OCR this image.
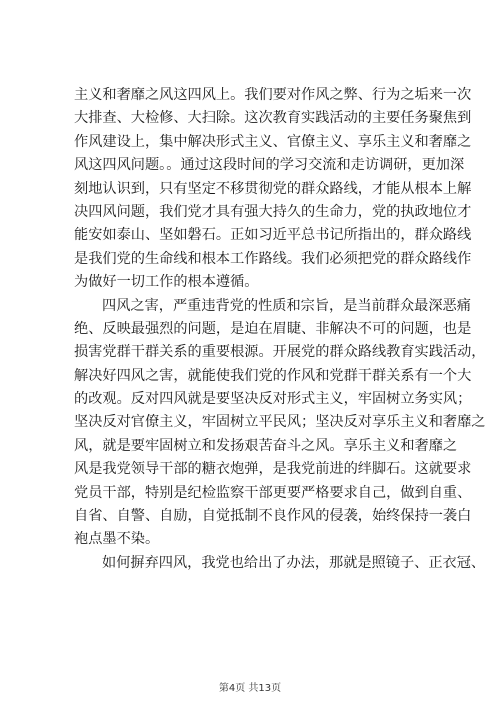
主义和奢靡之风这四风上。我们要对作风之弊、行为之垢来一次
大排查、大检修、大扫除。这次教育实践活动的主要任务聚焦到
作风建设上，集中解决形式主义、官僚主义、享乐主义和奢靡之
风这四风问题。。通过这段时间的学习交流和走访调研，更加深
刻地认识到，只有坚定不移贯彻党的群众路线，才能从根本上解
决四风问题，我们党才具有强大持久的生命力，党的执政地位才
能安如泰山、坚如磐石。正如习近平总书记所指出的，群众路线
是我们党的生命线和根本工作路线。我们必须把党的群众路线作
为做好一切工作的根本遵循。
四风之害，严重违背党的性质和宗旨，是当前群众最深恶痛
绝、反映最强烈的问题，是迫在眉睫、非解决不可的问题，也是
损害党群干群关系的重要根源。开展党的群众路线教育实践活动，
解决好四风之害，就能使我们党的作风和党群干群关系有一个大
的改观。反对四风就是要坚决反对形式主义，牢固树立务实风；
坚决反对官僚主义，牢固树立平民风；坚决反对享乐主义和奢靡之
风，就是要牢固树立和发扬艰苦奋斗之风。享乐主义和奢靡之
风是我党领导干部的糖衣炮弹，是我党前进的绊脚石。这就要求
党员干部，特别是纪检监察干部更要严格要求自己，做到自重、
自省、自警、自励，自觉抵制不良作风的侵袭，始终保持一袭白
袍点墨不染。
如何摒弃四风，我党也给出了办法，那就是照镜子、正衣冠、
第4页 共13页
